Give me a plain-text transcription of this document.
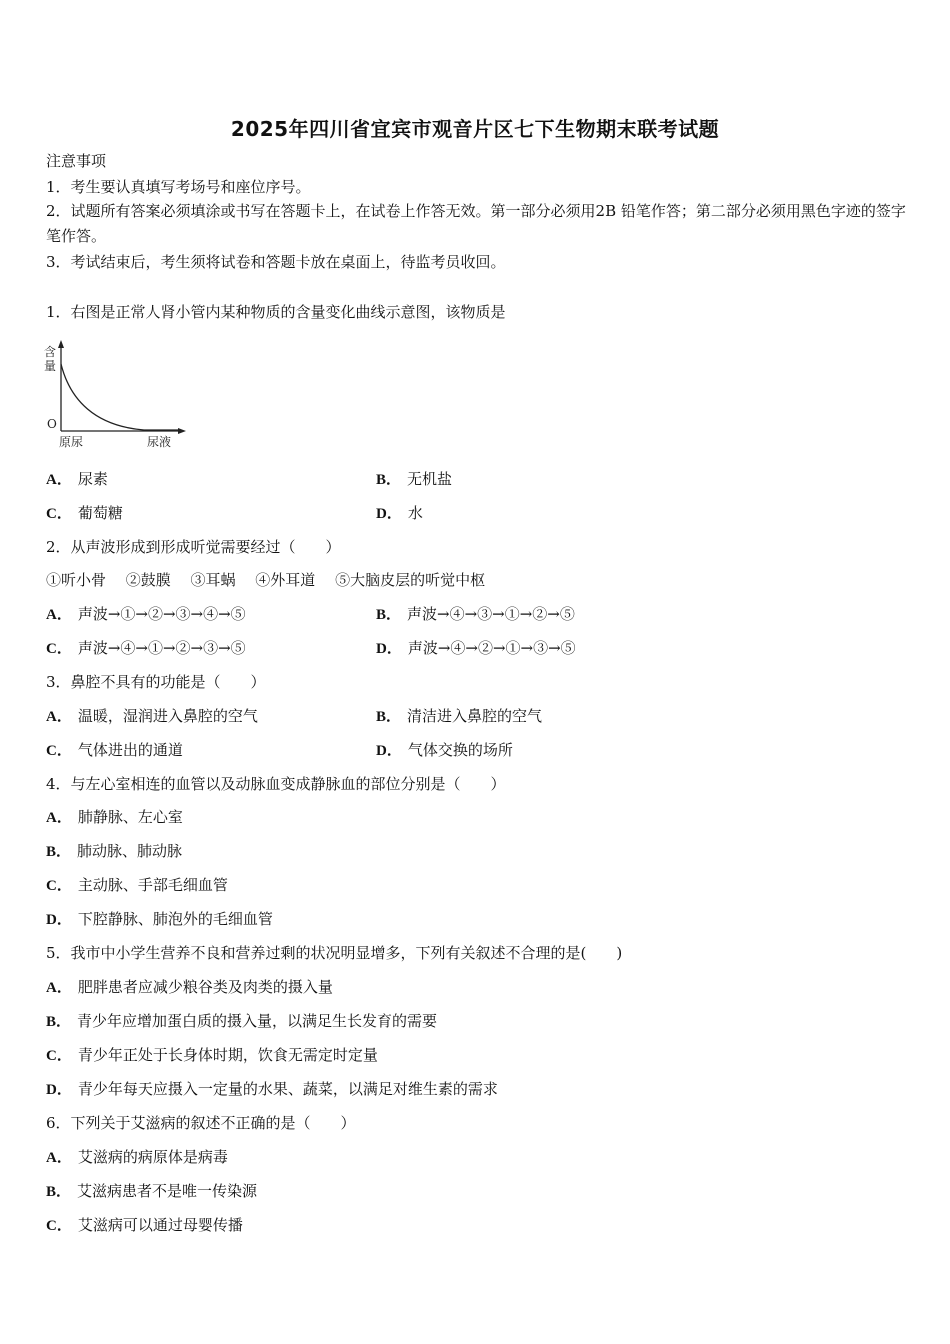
2025年四川省宜宾市观音片区七下生物期末联考试题
注意事项
1．考生要认真填写考场号和座位序号。
2．试题所有答案必须填涂或书写在答题卡上，在试卷上作答无效。第一部分必须用2B 铅笔作答；第二部分必须用黑色字迹的签字笔作答。
3．考试结束后，考生须将试卷和答题卡放在桌面上，待监考员收回。
1．右图是正常人肾小管内某种物质的含量变化曲线示意图，该物质是
含
量
O
原尿	尿液
A． 尿素	B． 无机盐
C． 葡萄糖	D． 水
2．从声波形成到形成听觉需要经过（　　）
①听小骨　 ②鼓膜　 ③耳蜗　 ④外耳道　 ⑤大脑皮层的听觉中枢
A． 声波→①→②→③→④→⑤	B． 声波→④→③→①→②→⑤
C． 声波→④→①→②→③→⑤	D． 声波→④→②→①→③→⑤
3．鼻腔不具有的功能是（　　）
A． 温暖，湿润进入鼻腔的空气	B． 清洁进入鼻腔的空气
C． 气体进出的通道	D． 气体交换的场所
4．与左心室相连的血管以及动脉血变成静脉血的部位分别是（　　）
A． 肺静脉、左心室
B． 肺动脉、肺动脉
C． 主动脉、手部毛细血管
D． 下腔静脉、肺泡外的毛细血管
5．我市中小学生营养不良和营养过剩的状况明显增多，下列有关叙述不合理的是(　　)
A． 肥胖患者应减少粮谷类及肉类的摄入量
B． 青少年应增加蛋白质的摄入量，以满足生长发育的需要
C． 青少年正处于长身体时期，饮食无需定时定量
D． 青少年每天应摄入一定量的水果、蔬菜，以满足对维生素的需求
6．下列关于艾滋病的叙述不正确的是（　　）
A． 艾滋病的病原体是病毒
B． 艾滋病患者不是唯一传染源
C． 艾滋病可以通过母婴传播
